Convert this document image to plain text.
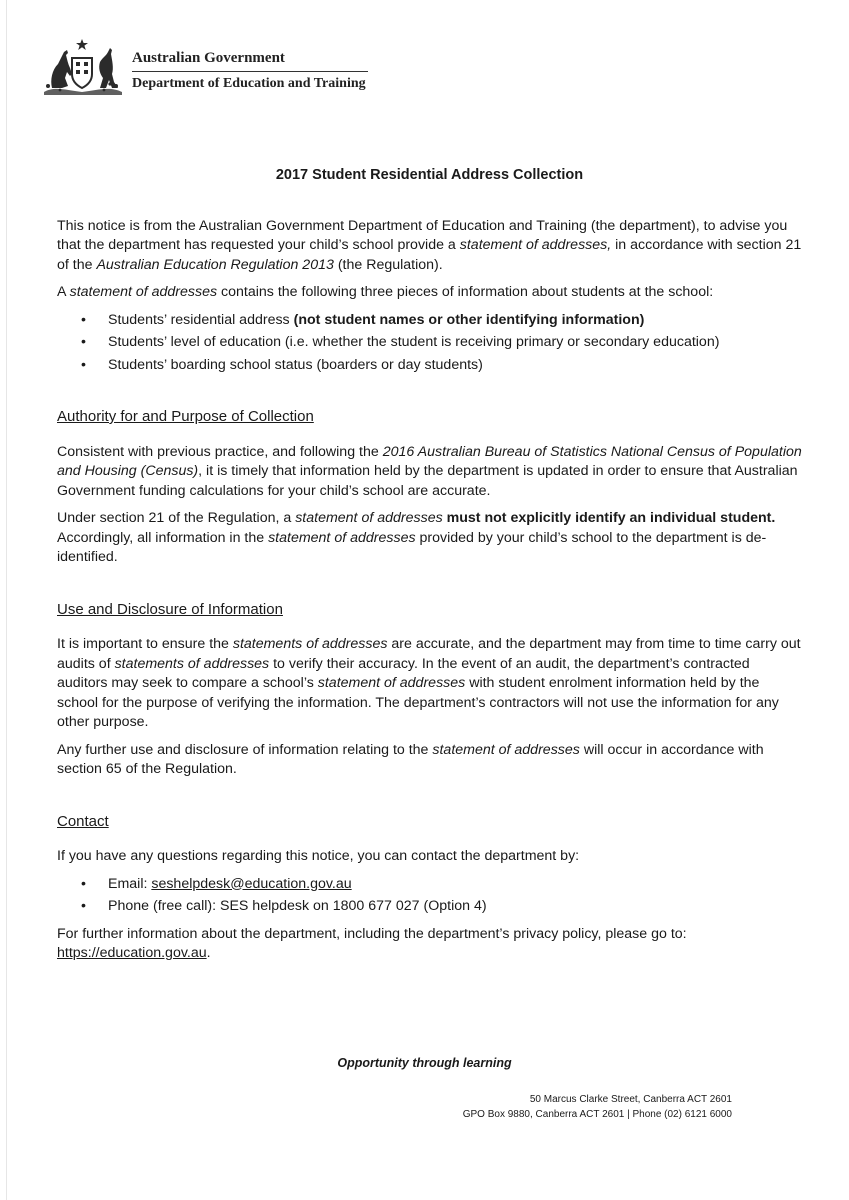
Australian Government
Department of Education and Training
2017 Student Residential Address Collection

This notice is from the Australian Government Department of Education and Training (the department), to advise you that the department has requested your child’s school provide a statement of addresses, in accordance with section 21 of the Australian Education Regulation 2013 (the Regulation).

A statement of addresses contains the following three pieces of information about students at the school:

• Students’ residential address (not student names or other identifying information)
• Students’ level of education (i.e. whether the student is receiving primary or secondary education)
• Students’ boarding school status (boarders or day students)
Authority for and Purpose of Collection

Consistent with previous practice, and following the 2016 Australian Bureau of Statistics National Census of Population and Housing (Census), it is timely that information held by the department is updated in order to ensure that Australian Government funding calculations for your child’s school are accurate.

Under section 21 of the Regulation, a statement of addresses must not explicitly identify an individual student. Accordingly, all information in the statement of addresses provided by your child’s school to the department is de-identified.

Use and Disclosure of Information

It is important to ensure the statements of addresses are accurate, and the department may from time to time carry out audits of statements of addresses to verify their accuracy. In the event of an audit, the department’s contracted auditors may seek to compare a school’s statement of addresses with student enrolment information held by the school for the purpose of verifying the information. The department’s contractors will not use the information for any other purpose.

Any further use and disclosure of information relating to the statement of addresses will occur in accordance with section 65 of the Regulation.

Contact

If you have any questions regarding this notice, you can contact the department by:

• Email: seshelpdesk@education.gov.au
• Phone (free call): SES helpdesk on 1800 677 027 (Option 4)

For further information about the department, including the department’s privacy policy, please go to:
https://education.gov.au.

Opportunity through learning
50 Marcus Clarke Street, Canberra ACT 2601
GPO Box 9880, Canberra ACT 2601 | Phone (02) 6121 6000
